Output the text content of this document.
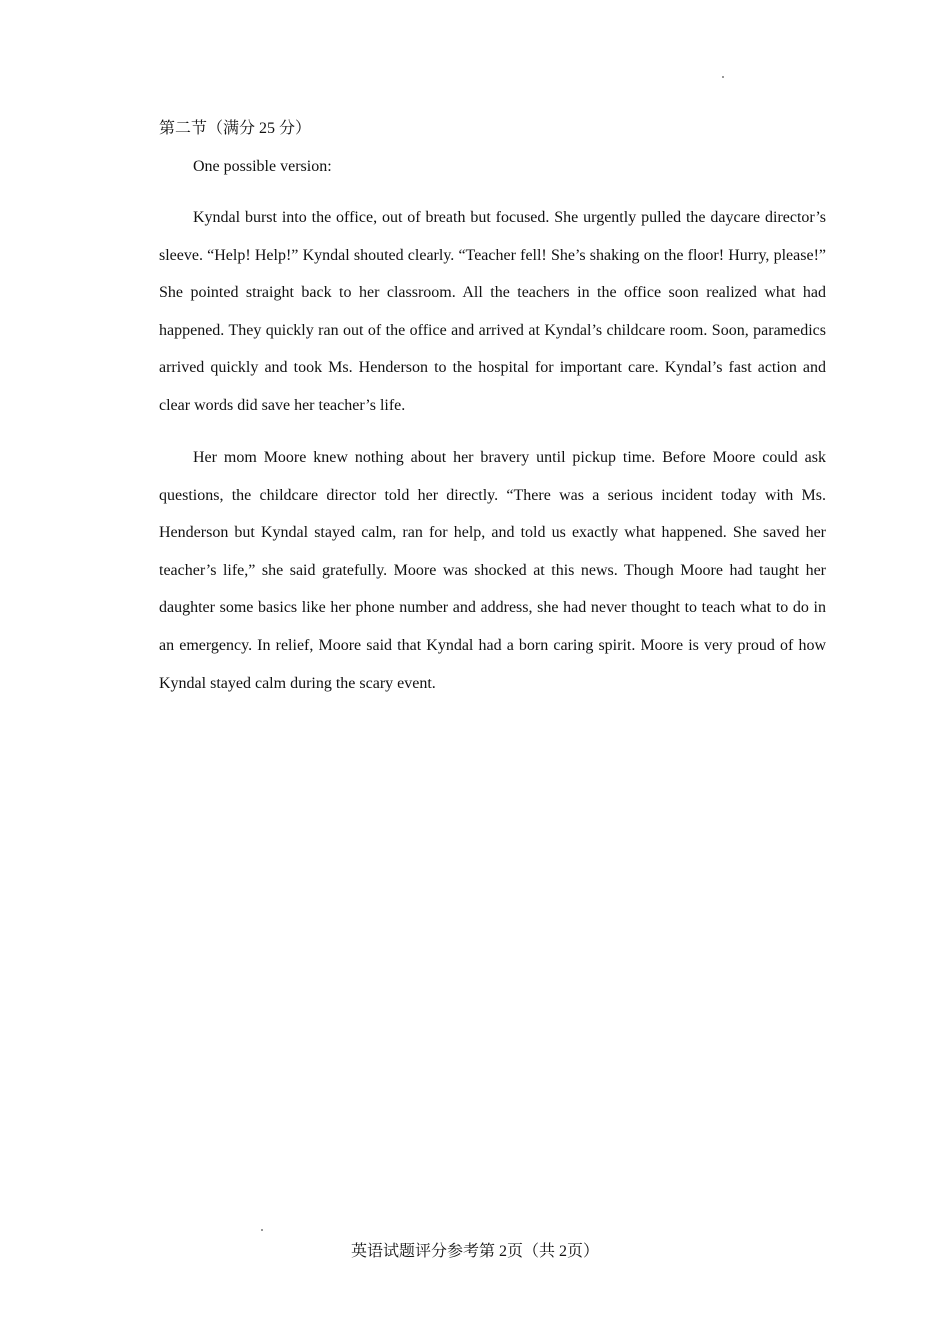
第二节（满分 25 分）
One possible version:

Kyndal burst into the office, out of breath but focused. She urgently pulled the daycare director’s sleeve. “Help! Help!” Kyndal shouted clearly. “Teacher fell! She’s shaking on the floor! Hurry, please!” She pointed straight back to her classroom. All the teachers in the office soon realized what had happened. They quickly ran out of the office and arrived at Kyndal’s childcare room. Soon, paramedics arrived quickly and took Ms. Henderson to the hospital for important care. Kyndal’s fast action and clear words did save her teacher’s life.

Her mom Moore knew nothing about her bravery until pickup time. Before Moore could ask questions, the childcare director told her directly. “There was a serious incident today with Ms. Henderson but Kyndal stayed calm, ran for help, and told us exactly what happened. She saved her teacher’s life,” she said gratefully. Moore was shocked at this news. Though Moore had taught her daughter some basics like her phone number and address, she had never thought to teach what to do in an emergency. In relief, Moore said that Kyndal had a born caring spirit. Moore is very proud of how Kyndal stayed calm during the scary event.

英语试题评分参考第 2页（共 2页）
